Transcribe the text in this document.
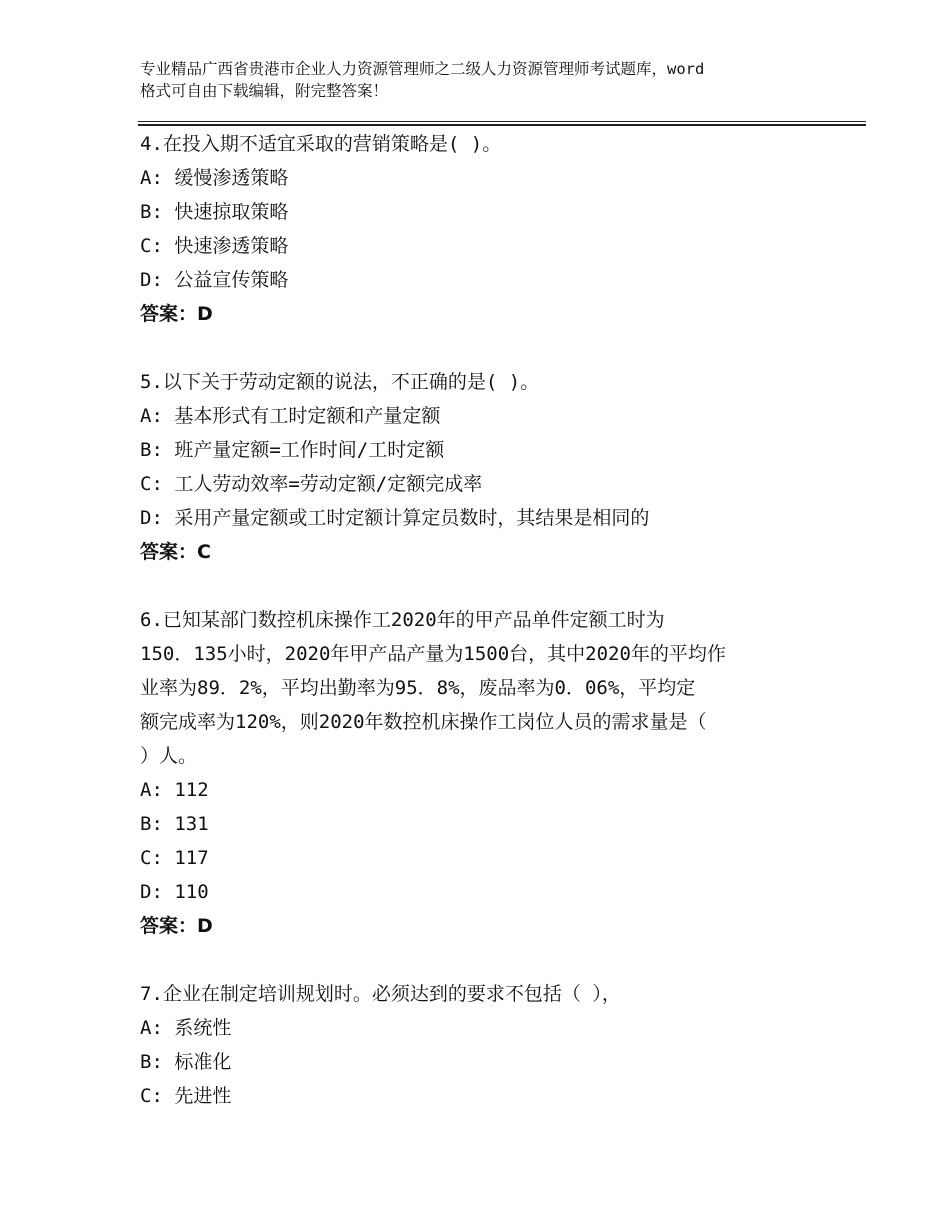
专业精品广西省贵港市企业人力资源管理师之二级人力资源管理师考试题库，word
格式可自由下载编辑，附完整答案！
4.在投入期不适宜采取的营销策略是( )。
A: 缓慢渗透策略
B: 快速掠取策略
C: 快速渗透策略
D: 公益宣传策略
答案：D
5.以下关于劳动定额的说法，不正确的是( )。
A: 基本形式有工时定额和产量定额
B: 班产量定额=工作时间/工时定额
C: 工人劳动效率=劳动定额/定额完成率
D: 采用产量定额或工时定额计算定员数时，其结果是相同的
答案：C
6.已知某部门数控机床操作工2020年的甲产品单件定额工时为
150．135小时，2020年甲产品产量为1500台，其中2020年的平均作
业率为89．2%，平均出勤率为95．8%，废品率为0．06%，平均定
额完成率为120%，则2020年数控机床操作工岗位人员的需求量是（
）人。
A: 112
B: 131
C: 117
D: 110
答案：D
7.企业在制定培训规划时。必须达到的要求不包括（ ），
A: 系统性
B: 标准化
C: 先进性
